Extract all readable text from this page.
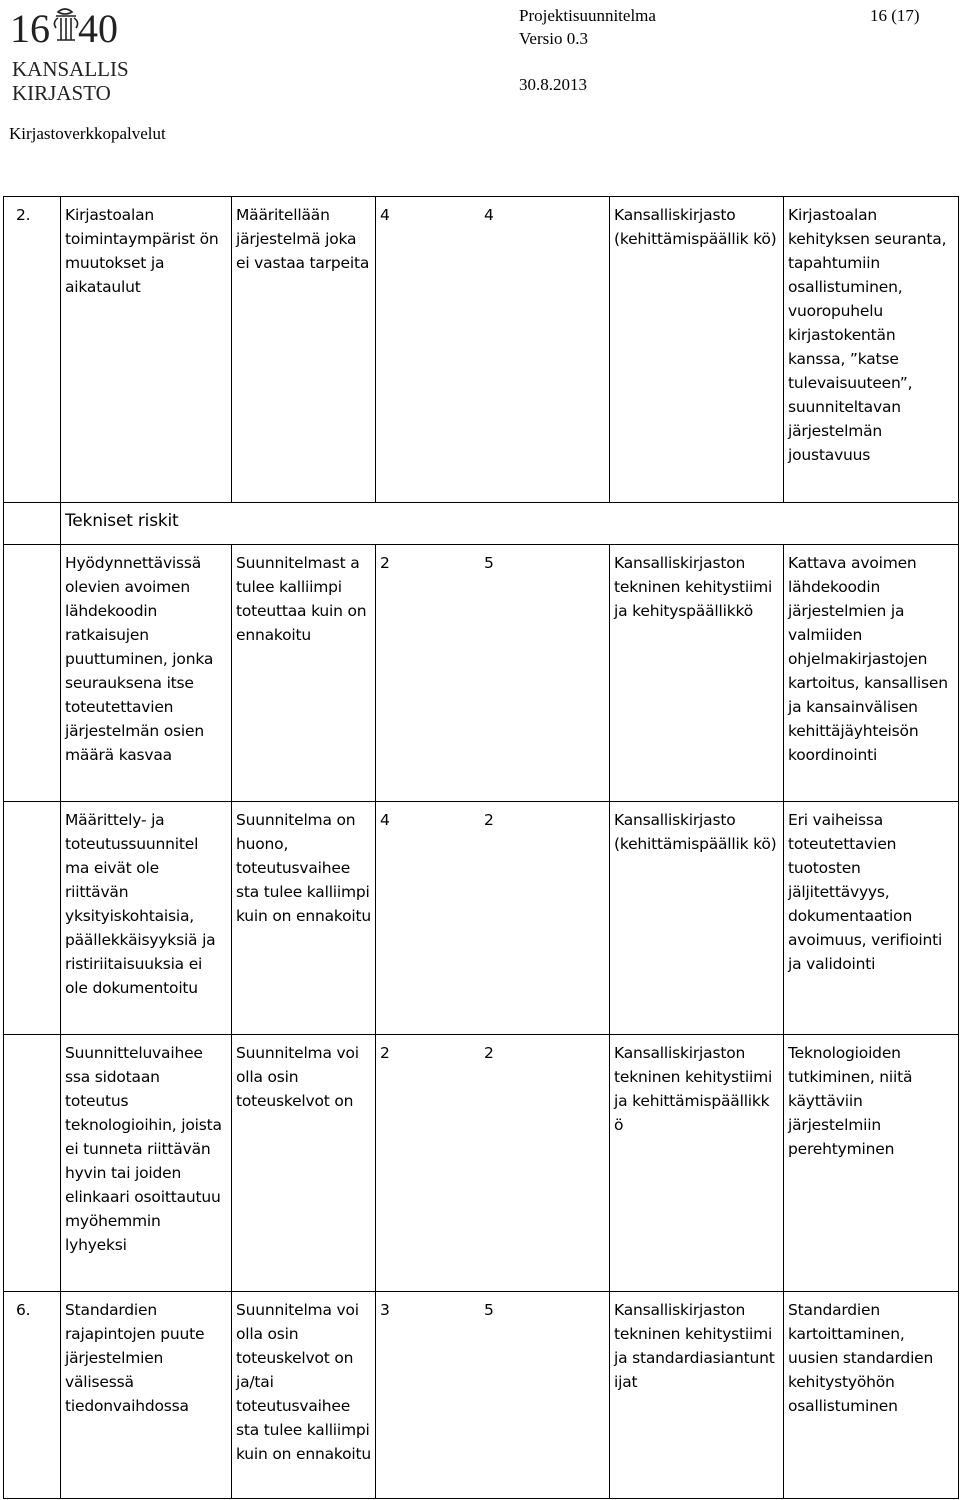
16 40
KANSALLIS
KIRJASTO
Projektisuunnitelma
Versio 0.3
16 (17)
30.8.2013
Kirjastoverkkopalvelut
2.	Kirjastoalan toimintaympärist ön muutokset ja aikataulut	Määritellään järjestelmä joka ei vastaa tarpeita	4 4	Kansalliskirjasto (kehittämispäällik kö)	Kirjastoalan kehityksen seuranta, tapahtumiin osallistuminen, vuoropuhelu kirjastokentän kanssa, ”katse tulevaisuuteen”, suunniteltavan järjestelmän joustavuus
	Tekniset riskit				
	Hyödynnettävissä olevien avoimen lähdekoodin ratkaisujen puuttuminen, jonka seurauksena itse toteutettavien järjestelmän osien määrä kasvaa	Suunnitelmast a tulee kalliimpi toteuttaa kuin on ennakoitu	2 5	Kansalliskirjaston tekninen kehitystiimi ja kehityspäällikkö	Kattava avoimen lähdekoodin järjestelmien ja valmiiden ohjelmakirjastojen kartoitus, kansallisen ja kansainvälisen kehittäjäyhteisön koordinointi
	Määrittely- ja toteutussuunnitel ma eivät ole riittävän yksityiskohtaisia, päällekkäisyyksiä ja ristiriitaisuuksia ei ole dokumentoitu	Suunnitelma on huono, toteutusvaihee sta tulee kalliimpi kuin on ennakoitu	4 2	Kansalliskirjasto (kehittämispäällik kö)	Eri vaiheissa toteutettavien tuotosten jäljitettävyys, dokumentaation avoimuus, verifiointi ja validointi
	Suunnitteluvaihee ssa sidotaan toteutus teknologioihin, joista ei tunneta riittävän hyvin tai joiden elinkaari osoittautuu myöhemmin lyhyeksi	Suunnitelma voi olla osin toteuskelvot on	2 2	Kansalliskirjaston tekninen kehitystiimi ja kehittämispäällikk ö	Teknologioiden tutkiminen, niitä käyttäviin järjestelmiin perehtyminen
6.	Standardien rajapintojen puute järjestelmien välisessä tiedonvaihdossa	Suunnitelma voi olla osin toteuskelvot on ja/tai toteutusvaihee sta tulee kalliimpi kuin on ennakoitu	3 5	Kansalliskirjaston tekninen kehitystiimi ja standardiasiantunt ijat	Standardien kartoittaminen, uusien standardien kehitystyöhön osallistuminen
